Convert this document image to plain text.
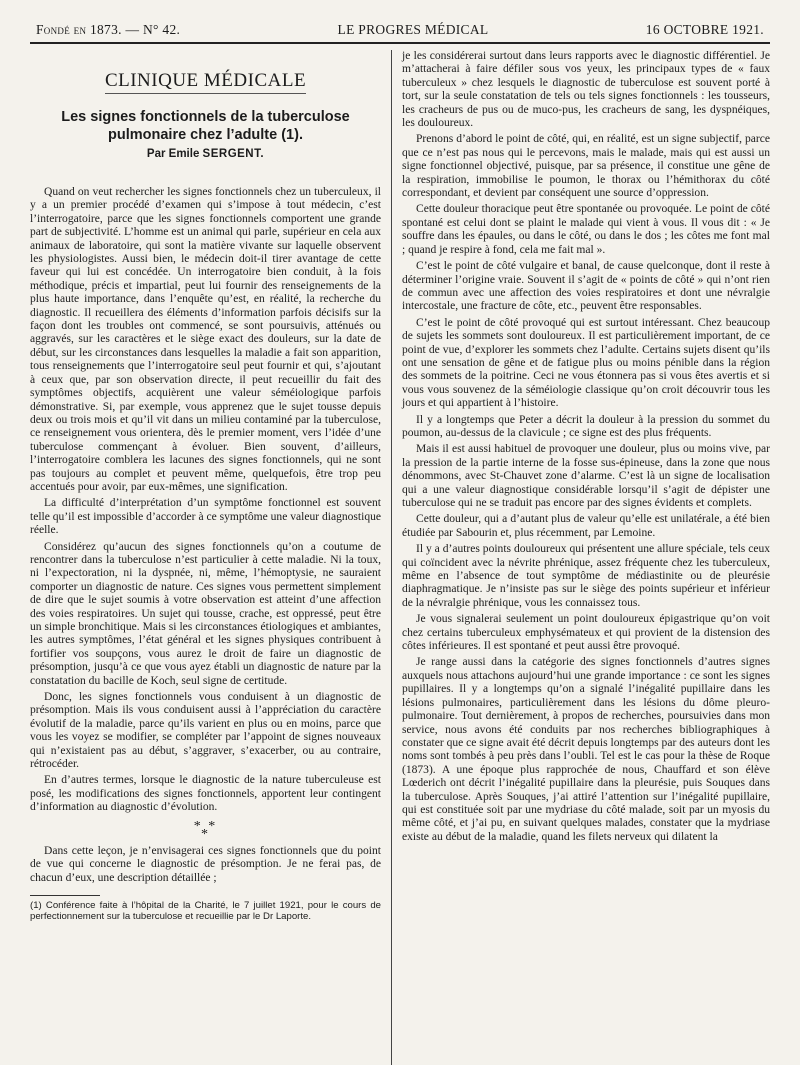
Fondé en 1873. — N° 42.	LE PROGRES MÉDICAL	16 OCTOBRE 1921.
CLINIQUE MÉDICALE
Les signes fonctionnels de la tuberculose pulmonaire chez l’adulte (1).
Par Emile SERGENT.

Quand on veut rechercher les signes fonctionnels chez un tuberculeux, il y a un premier procédé d’examen qui s’impose à tout médecin, c’est l’interrogatoire, parce que les signes fonctionnels comportent une grande part de subjectivité. L’homme est un animal qui parle, supérieur en cela aux animaux de laboratoire, qui sont la matière vivante sur laquelle observent les physiologistes. Aussi bien, le médecin doit-il tirer avantage de cette faveur qui lui est concédée. Un interrogatoire bien conduit, à la fois méthodique, précis et impartial, peut lui fournir des renseignements de la plus haute importance, dans l’enquête qu’est, en réalité, la recherche du diagnostic. Il recueillera des éléments d’information parfois décisifs sur la façon dont les troubles ont commencé, se sont poursuivis, atténués ou aggravés, sur les caractères et le siège exact des douleurs, sur la date de début, sur les circonstances dans lesquelles la maladie a fait son apparition, tous renseignements que l’interrogatoire seul peut fournir et qui, s’ajoutant à ceux que, par son observation directe, il peut recueillir du fait des symptômes objectifs, acquièrent une valeur séméiologique parfois démonstrative. Si, par exemple, vous apprenez que le sujet tousse depuis deux ou trois mois et qu’il vit dans un milieu contaminé par la tuberculose, ce renseignement vous orientera, dès le premier moment, vers l’idée d’une tuberculose commençant à évoluer. Bien souvent, d’ailleurs, l’interrogatoire comblera les lacunes des signes fonctionnels, qui ne sont pas toujours au complet et peuvent même, quelquefois, être trop peu accentués pour avoir, par eux-mêmes, une signification.

La difficulté d’interprétation d’un symptôme fonctionnel est souvent telle qu’il est impossible d’accorder à ce symptôme une valeur diagnostique réelle.

Considérez qu’aucun des signes fonctionnels qu’on a coutume de rencontrer dans la tuberculose n’est particulier à cette maladie. Ni la toux, ni l’expectoration, ni la dyspnée, ni, même, l’hémoptysie, ne sauraient comporter un diagnostic de nature. Ces signes vous permettent simplement de dire que le sujet soumis à votre observation est atteint d’une affection des voies respiratoires. Un sujet qui tousse, crache, est oppressé, peut être un simple bronchitique. Mais si les circonstances étiologiques et ambiantes, les autres symptômes, l’état général et les signes physiques contribuent à fortifier vos soupçons, vous aurez le droit de faire un diagnostic de présomption, jusqu’à ce que vous ayez établi un diagnostic de nature par la constatation du bacille de Koch, seul signe de certitude.

Donc, les signes fonctionnels vous conduisent à un diagnostic de présomption. Mais ils vous conduisent aussi à l’appréciation du caractère évolutif de la maladie, parce qu’ils varient en plus ou en moins, parce que vous les voyez se modifier, se compléter par l’appoint de signes nouveaux qui n’existaient pas au début, s’aggraver, s’exacerber, ou au contraire, rétrocéder.

En d’autres termes, lorsque le diagnostic de la nature tuberculeuse est posé, les modifications des signes fonctionnels, apportent leur contingent d’information au diagnostic d’évolution.

* *
*

Dans cette leçon, je n’envisagerai ces signes fonctionnels que du point de vue qui concerne le diagnostic de présomption. Je ne ferai pas, de chacun d’eux, une description détaillée ;

(1) Conférence faite à l’hôpital de la Charité, le 7 juillet 1921, pour le cours de perfectionnement sur la tuberculose et recueillie par le Dr Laporte.

je les considérerai surtout dans leurs rapports avec le diagnostic différentiel. Je m’attacherai à faire défiler sous vos yeux, les principaux types de « faux tuberculeux » chez lesquels le diagnostic de tuberculose est souvent porté à tort, sur la seule constatation de tels ou tels signes fonctionnels : les tousseurs, les cracheurs de pus ou de muco-pus, les cracheurs de sang, les dyspnéiques, les douloureux.

Prenons d’abord le point de côté, qui, en réalité, est un signe subjectif, parce que ce n’est pas nous qui le percevons, mais le malade, mais qui est aussi un signe fonctionnel objectivé, puisque, par sa présence, il constitue une gêne de la respiration, immobilise le poumon, le thorax ou l’hémithorax du côté correspondant, et devient par conséquent une source d’oppression.

Cette douleur thoracique peut être spontanée ou provoquée. Le point de côté spontané est celui dont se plaint le malade qui vient à vous. Il vous dit : « Je souffre dans les épaules, ou dans le côté, ou dans le dos ; les côtes me font mal ; quand je respire à fond, cela me fait mal ».

C’est le point de côté vulgaire et banal, de cause quelconque, dont il reste à déterminer l’origine vraie. Souvent il s’agit de « points de côté » qui n’ont rien de commun avec une affection des voies respiratoires et dont une névralgie intercostale, une fracture de côte, etc., peuvent être responsables.

C’est le point de côté provoqué qui est surtout intéressant. Chez beaucoup de sujets les sommets sont douloureux. Il est particulièrement important, de ce point de vue, d’explorer les sommets chez l’adulte. Certains sujets disent qu’ils ont une sensation de gêne et de fatigue plus ou moins pénible dans la région des sommets de la poitrine. Ceci ne vous étonnera pas si vous êtes avertis et si vous vous souvenez de la séméiologie classique qu’on croit découvrir tous les jours et qui appartient à l’histoire.

Il y a longtemps que Peter a décrit la douleur à la pression du sommet du poumon, au-dessus de la clavicule ; ce signe est des plus fréquents.

Mais il est aussi habituel de provoquer une douleur, plus ou moins vive, par la pression de la partie interne de la fosse sus-épineuse, dans la zone que nous dénommons, avec St-Chauvet zone d’alarme. C’est là un signe de localisation qui a une valeur diagnostique considérable lorsqu’il s’agit de dépister une tuberculose qui ne se traduit pas encore par des signes évidents et complets.

Cette douleur, qui a d’autant plus de valeur qu’elle est unilatérale, a été bien étudiée par Sabourin et, plus récemment, par Lemoine.

Il y a d’autres points douloureux qui présentent une allure spéciale, tels ceux qui coïncident avec la névrite phrénique, assez fréquente chez les tuberculeux, même en l’absence de tout symptôme de médiastinite ou de pleurésie diaphragmatique. Je n’insiste pas sur le siège des points supérieur et inférieur de la névralgie phrénique, vous les connaissez tous.

Je vous signalerai seulement un point douloureux épigastrique qu’on voit chez certains tuberculeux emphysémateux et qui provient de la distension des côtes inférieures. Il est spontané et peut aussi être provoqué.

Je range aussi dans la catégorie des signes fonctionnels d’autres signes auxquels nous attachons aujourd’hui une grande importance : ce sont les signes pupillaires. Il y a longtemps qu’on a signalé l’inégalité pupillaire dans les lésions pulmonaires, particulièrement dans les lésions du dôme pleuro-pulmonaire. Tout dernièrement, à propos de recherches, poursuivies dans mon service, nous avons été conduits par nos recherches bibliographiques à constater que ce signe avait été décrit depuis longtemps par des auteurs dont les noms sont tombés à peu près dans l’oubli. Tel est le cas pour la thèse de Roque (1873). A une époque plus rapprochée de nous, Chauffard et son élève Lœderich ont décrit l’inégalité pupillaire dans la pleurésie, puis Souques dans la tuberculose. Après Souques, j’ai attiré l’attention sur l’inégalité pupillaire, qui est constituée soit par une mydriase du côté malade, soit par un myosis du même côté, et j’ai pu, en suivant quelques malades, constater que la mydriase existe au début de la maladie, quand les filets nerveux qui dilatent la
